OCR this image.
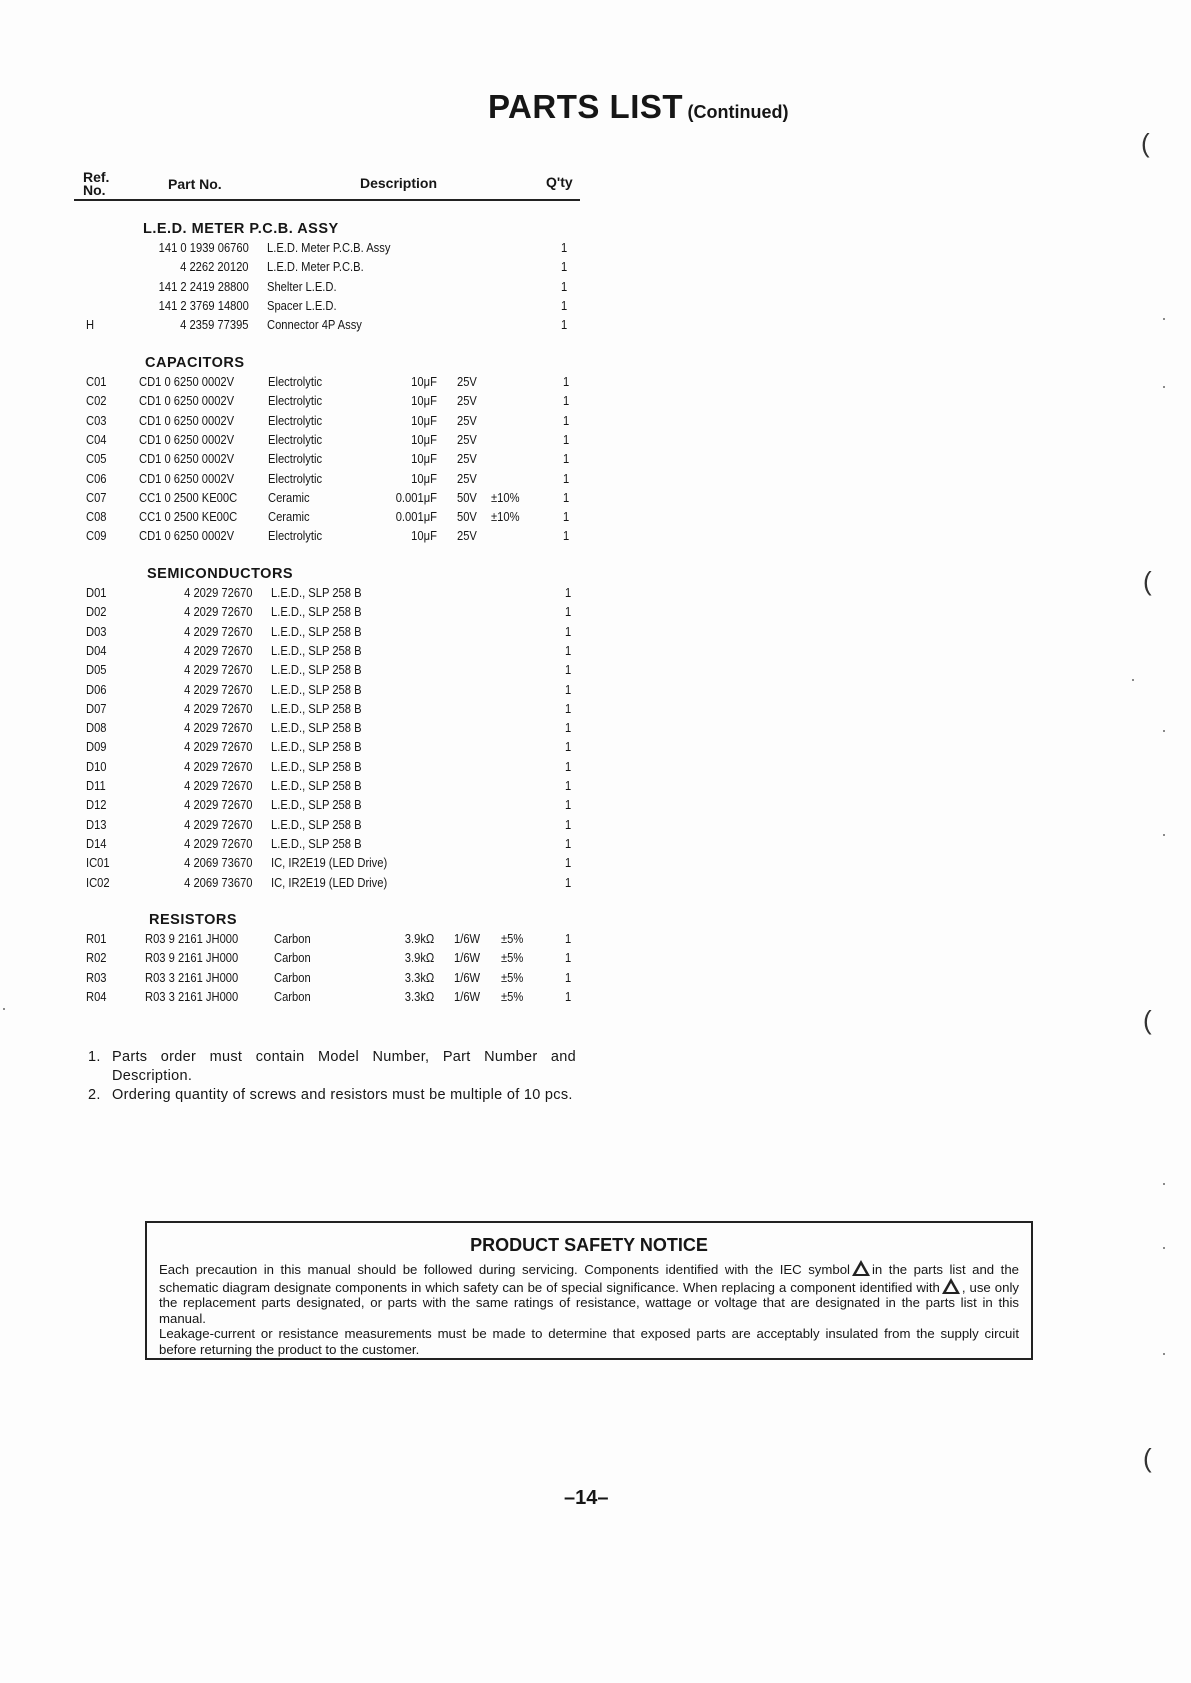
PARTS LIST (Continued)
Ref.
No.	Part No.	Description	Q'ty
L.E.D. METER P.C.B. ASSY
141 0 1939 06760 L.E.D. Meter P.C.B. Assy	1
4 2262 20120 L.E.D. Meter P.C.B.	1
141 2 2419 28800 Shelter L.E.D.	1
141 2 3769 14800 Spacer L.E.D.	1
H	4 2359 77395 Connector 4P Assy	1
CAPACITORS
C01 CD1 0 6250 0002V	Electrolytic	10μF 25V	1
C02 CD1 0 6250 0002V	Electrolytic	10μF 25V	1
C03 CD1 0 6250 0002V	Electrolytic	10μF 25V	1
C04 CD1 0 6250 0002V	Electrolytic	10μF 25V	1
C05 CD1 0 6250 0002V	Electrolytic	10μF 25V	1
C06 CD1 0 6250 0002V	Electrolytic	10μF 25V	1
C07 CC1 0 2500 KE00C Ceramic	0.001μF 50V ±10%	1
C08 CC1 0 2500 KE00C Ceramic	0.001μF 50V ±10%	1
C09 CD1 0 6250 0002V	Electrolytic	10μF 25V	1
SEMICONDUCTORS
D01	4 2029 72670 L.E.D., SLP 258 B	1
D02	4 2029 72670 L.E.D., SLP 258 B	1
D03	4 2029 72670 L.E.D., SLP 258 B	1
D04	4 2029 72670 L.E.D., SLP 258 B	1
D05	4 2029 72670 L.E.D., SLP 258 B	1
D06	4 2029 72670 L.E.D., SLP 258 B	1
D07	4 2029 72670 L.E.D., SLP 258 B	1
D08	4 2029 72670 L.E.D., SLP 258 B	1
D09	4 2029 72670 L.E.D., SLP 258 B	1
D10	4 2029 72670 L.E.D., SLP 258 B	1
D11	4 2029 72670 L.E.D., SLP 258 B	1
D12	4 2029 72670 L.E.D., SLP 258 B	1
D13	4 2029 72670 L.E.D., SLP 258 B	1
D14	4 2029 72670 L.E.D., SLP 258 B	1
IC01	4 2069 73670 IC, IR2E19 (LED Drive)	1
IC02	4 2069 73670 IC, IR2E19 (LED Drive)	1
RESISTORS
R01	R03 9 2161 JH000	Carbon	3.9kΩ 1/6W ±5%	1
R02	R03 9 2161 JH000	Carbon	3.9kΩ 1/6W ±5%	1
R03	R03 3 2161 JH000	Carbon	3.3kΩ 1/6W ±5%	1
R04	R03 3 2161 JH000	Carbon	3.3kΩ 1/6W ±5%	1
1. Parts order must contain Model Number, Part Number and Description.
2. Ordering quantity of screws and resistors must be multiple of 10 pcs.
PRODUCT SAFETY NOTICE

Each precaution in this manual should be followed during servicing. Components identified with the IEC symbol in the parts list and the schematic diagram designate components in which safety can be of special significance. When replacing a component identified with , use only the replacement parts designated, or parts with the same ratings of resistance, wattage or voltage that are designated in the parts list in this manual.
Leakage-current or resistance measurements must be made to determine that exposed parts are acceptably insulated from the supply circuit before returning the product to the customer.

–14–
(
(
(
(
